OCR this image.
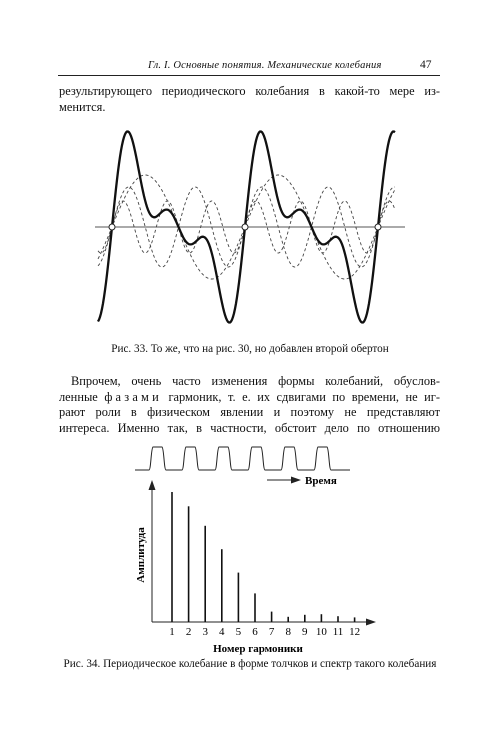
Гл. I. Основные понятия. Механические колебания	47
результирующего периодического колебания в какой-то мере из-
менится.
Рис. 33. То же, что на рис. 30, но добавлен второй обертон
Впрочем, очень часто изменения формы колебаний, обуслов-
ленные фазами гармоник, т. е. их сдвигами по времени, не иг-
рают роли в физическом явлении и поэтому не представляют
интереса. Именно так, в частности, обстоит дело по отношению
Время
Амплитуда
Номер гармоники
1 2 3 4 5 6 7 8 9 10 11 12
Рис. 34. Периодическое колебание в форме толчков и спектр такого колебания
